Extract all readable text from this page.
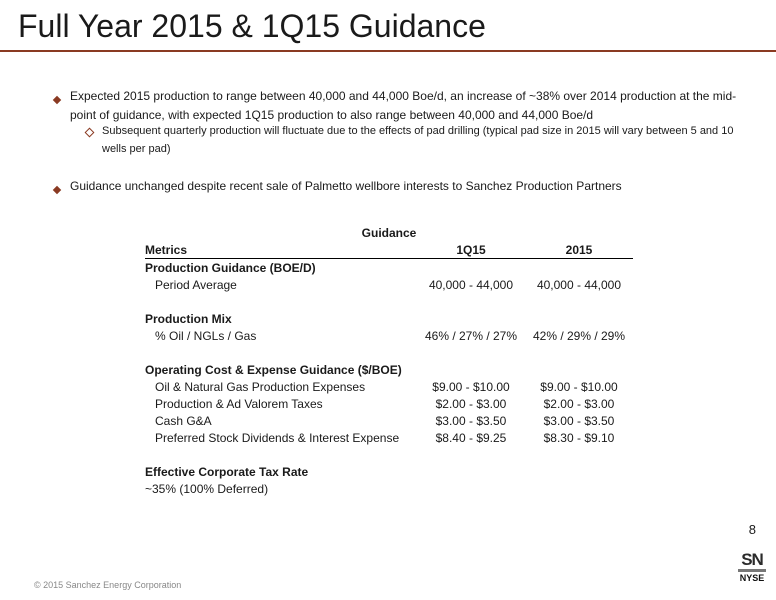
Full Year 2015 & 1Q15 Guidance
Expected 2015 production to range between 40,000 and 44,000 Boe/d, an increase of ~38% over 2014 production at the mid-point of guidance, with expected 1Q15 production to also range between 40,000 and 44,000 Boe/d
Subsequent quarterly production will fluctuate due to the effects of pad drilling (typical pad size in 2015 will vary between 5 and 10 wells per pad)
Guidance unchanged despite recent sale of Palmetto wellbore interests to Sanchez Production Partners
Guidance		
Metrics	1Q15	2015
Production Guidance (BOE/D)		
Period Average	40,000 - 44,000	40,000 - 44,000

Production Mix		
% Oil / NGLs / Gas	46% / 27% / 27%	42% / 29% / 29%

Operating Cost & Expense Guidance ($/BOE)		
Oil & Natural Gas Production Expenses	$9.00 - $10.00	$9.00 - $10.00
Production & Ad Valorem Taxes	$2.00 - $3.00	$2.00 - $3.00
Cash G&A	$3.00 - $3.50	$3.00 - $3.50
Preferred Stock Dividends & Interest Expense	$8.40 - $9.25	$8.30 - $9.10

Effective Corporate Tax Rate		
~35% (100% Deferred)		
8
© 2015 Sanchez Energy Corporation
SN
NYSE
